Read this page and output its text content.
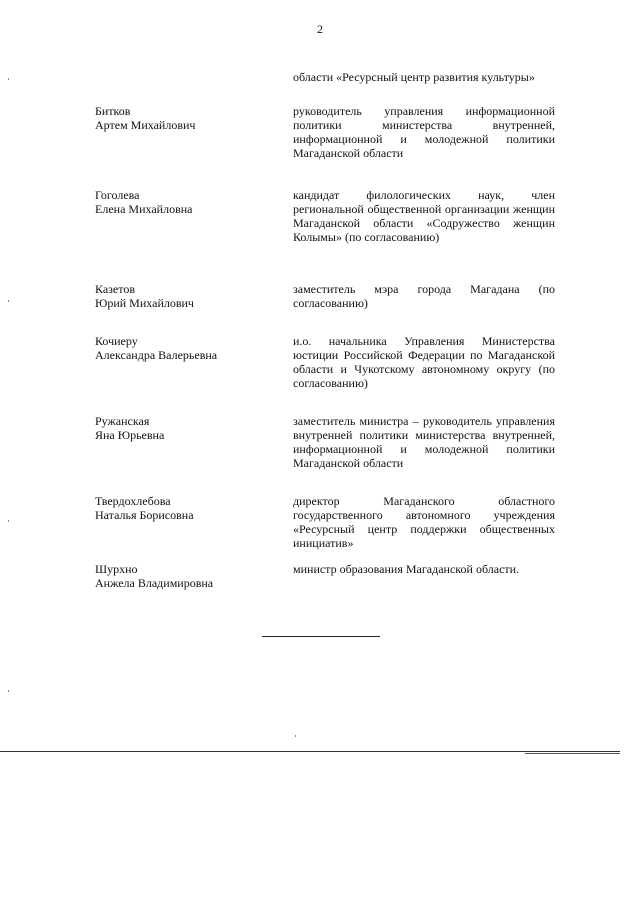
2
области «Ресурсный центр развития культуры»
Битков
Артем Михайлович
руководитель управления информационной политики министерства внутренней, информационной и молодежной политики Магаданской области
Гоголева
Елена Михайловна
кандидат филологических наук, член региональной общественной организации женщин Магаданской области «Содружество женщин Колымы» (по согласованию)
Казетов
Юрий Михайлович
заместитель мэра города Магадана (по согласованию)
Кочиеру
Александра Валерьевна
и.о. начальника Управления Министерства юстиции Российской Федерации по Магаданской области и Чукотскому автономному округу (по согласованию)
Ружанская
Яна Юрьевна
заместитель министра – руководитель управления внутренней политики министерства внутренней, информационной и молодежной политики Магаданской области
Твердохлебова
Наталья Борисовна
директор Магаданского областного государственного автономного учреждения «Ресурсный центр поддержки общественных инициатив»
Шурхно
Анжела Владимировна
министр образования Магаданской области.
